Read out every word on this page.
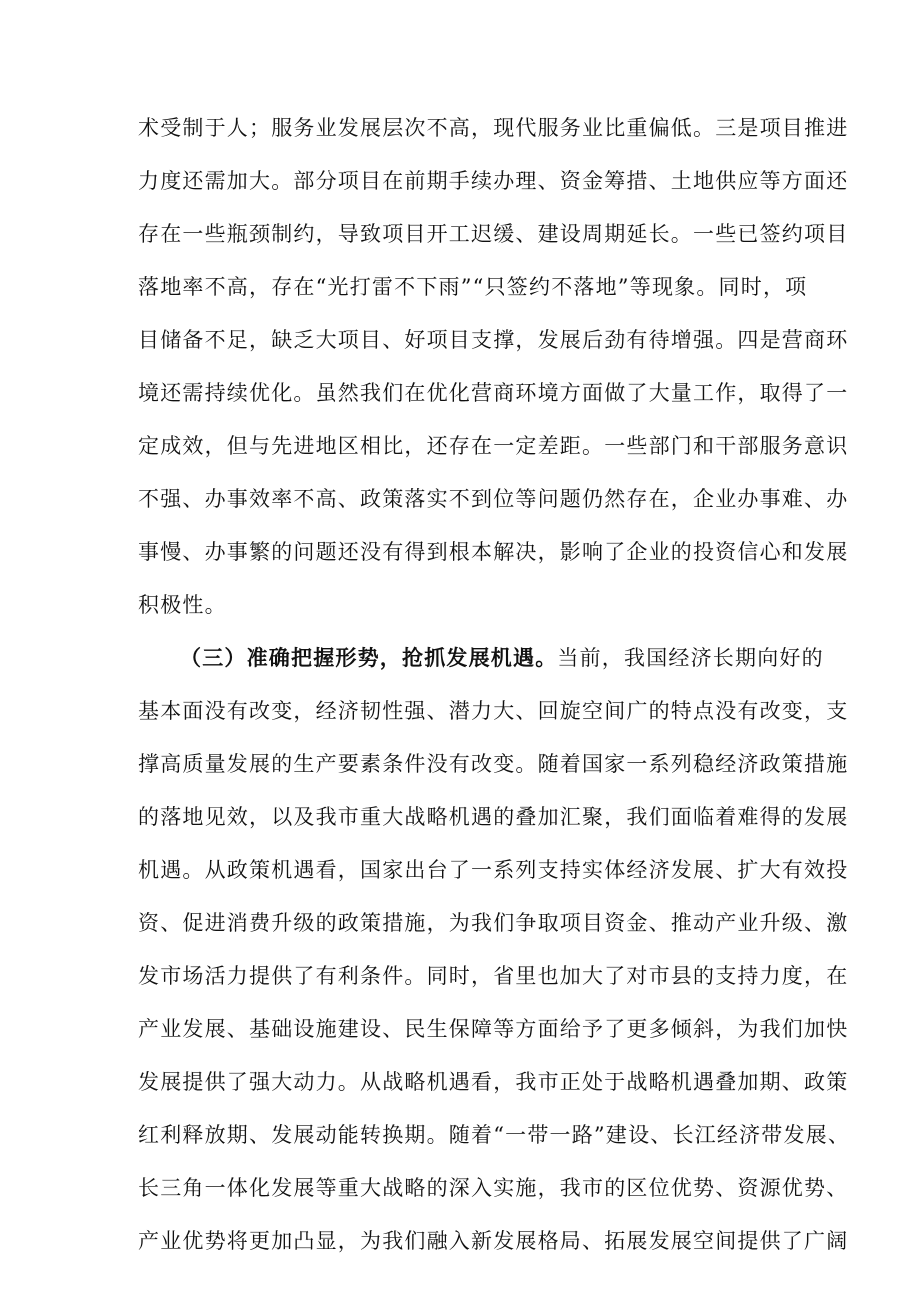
术受制于人；服务业发展层次不高，现代服务业比重偏低。三是项目推进
力度还需加大。部分项目在前期手续办理、资金筹措、土地供应等方面还
存在一些瓶颈制约，导致项目开工迟缓、建设周期延长。一些已签约项目
落地率不高，存在“光打雷不下雨”“只签约不落地”等现象。同时，项
目储备不足，缺乏大项目、好项目支撑，发展后劲有待增强。四是营商环
境还需持续优化。虽然我们在优化营商环境方面做了大量工作，取得了一
定成效，但与先进地区相比，还存在一定差距。一些部门和干部服务意识
不强、办事效率不高、政策落实不到位等问题仍然存在，企业办事难、办
事慢、办事繁的问题还没有得到根本解决，影响了企业的投资信心和发展
积极性。
（三）准确把握形势，抢抓发展机遇。当前，我国经济长期向好的
基本面没有改变，经济韧性强、潜力大、回旋空间广的特点没有改变，支
撑高质量发展的生产要素条件没有改变。随着国家一系列稳经济政策措施
的落地见效，以及我市重大战略机遇的叠加汇聚，我们面临着难得的发展
机遇。从政策机遇看，国家出台了一系列支持实体经济发展、扩大有效投
资、促进消费升级的政策措施，为我们争取项目资金、推动产业升级、激
发市场活力提供了有利条件。同时，省里也加大了对市县的支持力度，在
产业发展、基础设施建设、民生保障等方面给予了更多倾斜，为我们加快
发展提供了强大动力。从战略机遇看，我市正处于战略机遇叠加期、政策
红利释放期、发展动能转换期。随着“一带一路”建设、长江经济带发展、
长三角一体化发展等重大战略的深入实施，我市的区位优势、资源优势、
产业优势将更加凸显，为我们融入新发展格局、拓展发展空间提供了广阔
